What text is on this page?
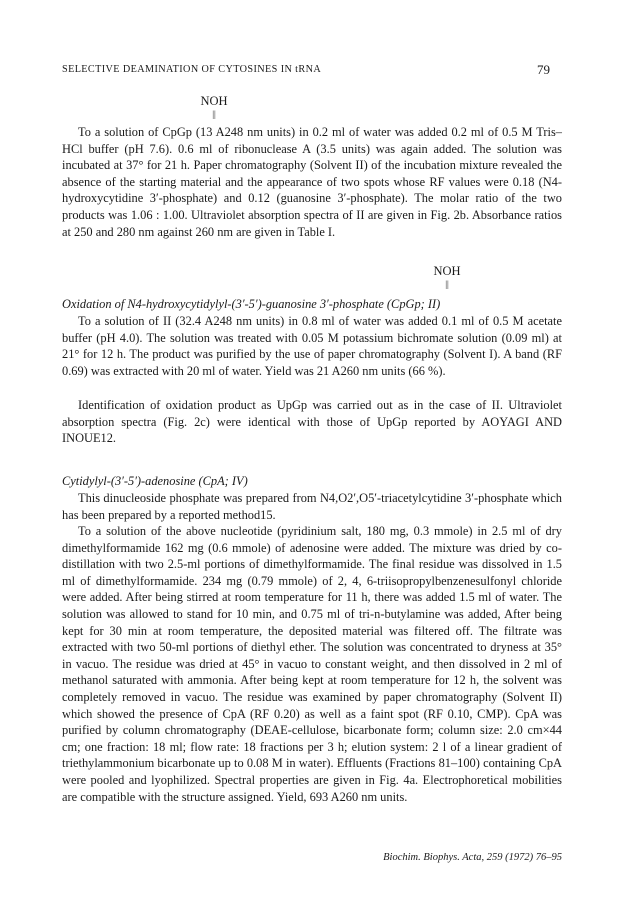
SELECTIVE DEAMINATION OF CYTOSINES IN tRNA	79
NOH
||
To a solution of CpGp (13 A248 nm units) in 0.2 ml of water was added 0.2 ml of 0.5 M Tris–HCl buffer (pH 7.6). 0.6 ml of ribonuclease A (3.5 units) was again added. The solution was incubated at 37° for 21 h. Paper chromatography (Solvent II) of the incubation mixture revealed the absence of the starting material and the appearance of two spots whose RF values were 0.18 (N4-hydroxycytidine 3′-phosphate) and 0.12 (guanosine 3′-phosphate). The molar ratio of the two products was 1.06 : 1.00. Ultraviolet absorption spectra of II are given in Fig. 2b. Absorbance ratios at 250 and 280 nm against 260 nm are given in Table I.
NOH
||
Oxidation of N4-hydroxycytidylyl-(3′-5′)-guanosine 3′-phosphate (CpGp; II)
To a solution of II (32.4 A248 nm units) in 0.8 ml of water was added 0.1 ml of 0.5 M acetate buffer (pH 4.0). The solution was treated with 0.05 M potassium bichromate solution (0.09 ml) at 21° for 12 h. The product was purified by the use of paper chromatography (Solvent I). A band (RF 0.69) was extracted with 20 ml of water. Yield was 21 A260 nm units (66 %).
Identification of oxidation product as UpGp was carried out as in the case of II. Ultraviolet absorption spectra (Fig. 2c) were identical with those of UpGp reported by AOYAGI AND INOUE12.
Cytidylyl-(3′-5′)-adenosine (CpA; IV)
This dinucleoside phosphate was prepared from N4,O2′,O5′-triacetylcytidine 3′-phosphate which has been prepared by a reported method15.
To a solution of the above nucleotide (pyridinium salt, 180 mg, 0.3 mmole) in 2.5 ml of dry dimethylformamide 162 mg (0.6 mmole) of adenosine were added. The mixture was dried by co-distillation with two 2.5-ml portions of dimethylformamide. The final residue was dissolved in 1.5 ml of dimethylformamide. 234 mg (0.79 mmole) of 2, 4, 6-triisopropylbenzenesulfonyl chloride were added. After being stirred at room temperature for 11 h, there was added 1.5 ml of water. The solution was allowed to stand for 10 min, and 0.75 ml of tri-n-butylamine was added, After being kept for 30 min at room temperature, the deposited material was filtered off. The filtrate was extracted with two 50-ml portions of diethyl ether. The solution was concentrated to dryness at 35° in vacuo. The residue was dried at 45° in vacuo to constant weight, and then dissolved in 2 ml of methanol saturated with ammonia. After being kept at room temperature for 12 h, the solvent was completely removed in vacuo. The residue was examined by paper chromatography (Solvent II) which showed the presence of CpA (RF 0.20) as well as a faint spot (RF 0.10, CMP). CpA was purified by column chromatography (DEAE-cellulose, bicarbonate form; column size: 2.0 cm×44 cm; one fraction: 18 ml; flow rate: 18 fractions per 3 h; elution system: 2 l of a linear gradient of triethylammonium bicarbonate up to 0.08 M in water). Effluents (Fractions 81–100) containing CpA were pooled and lyophilized. Spectral properties are given in Fig. 4a. Electrophoretical mobilities are compatible with the structure assigned. Yield, 693 A260 nm units.
Biochim. Biophys. Acta, 259 (1972) 76–95
